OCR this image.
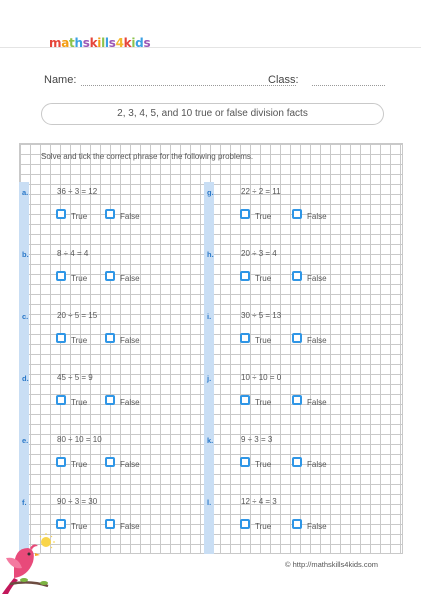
mathskills4kids
Name:	Class:
2, 3, 4, 5, and 10 true or false division facts
Solve and tick the correct phrase for the following problems.
a.	36 ÷ 3 = 12
True	False
b.	8 ÷ 4 = 4
True	False
c.	20 ÷ 5 = 15
True	False
d.	45 ÷ 5 = 9
True	False
e.	80 ÷ 10 = 10
True	False
f.	90 ÷ 3 = 30
True	False
g.	22 ÷ 2 = 11
True	False
h.	20 ÷ 3 = 4
True	False
i.	30 ÷ 5 = 13
True	False
j.	10 ÷ 10 = 0
True	False
k.	9 ÷ 3 = 3
True	False
l.	12 ÷ 4 = 3
True	False
© http://mathskills4kids.com
